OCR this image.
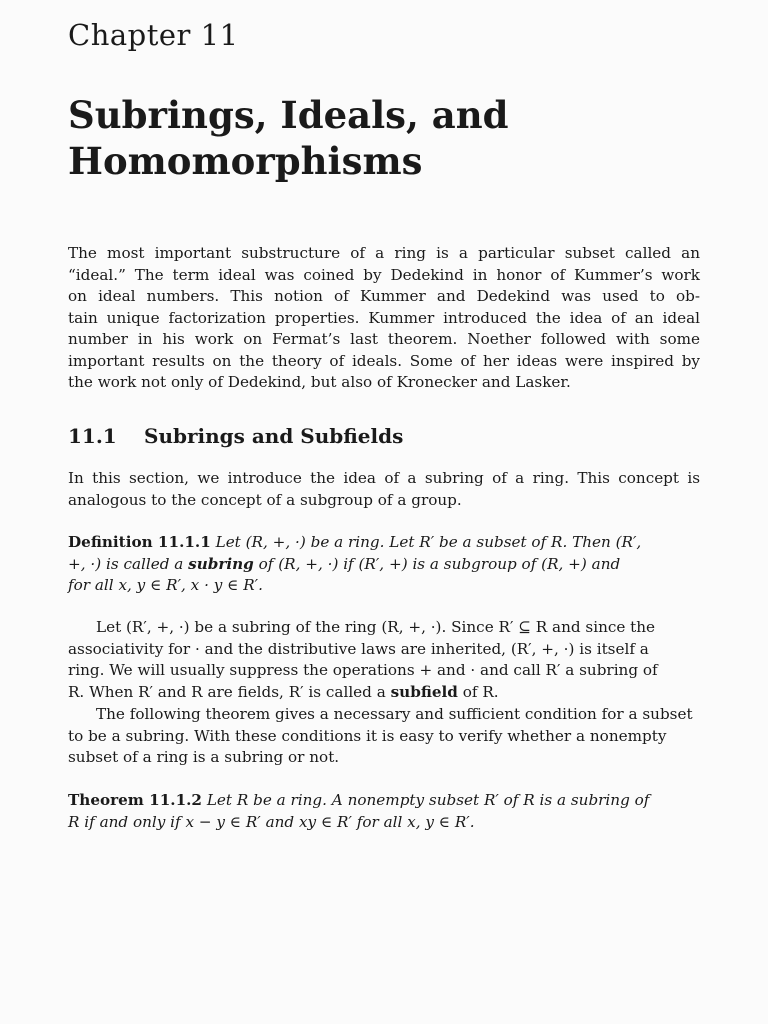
Chapter 11
Subrings, Ideals, and
Homomorphisms

The most important substructure of a ring is a particular subset called an
“ideal.” The term ideal was coined by Dedekind in honor of Kummer’s work
on ideal numbers. This notion of Kummer and Dedekind was used to ob-
tain unique factorization properties. Kummer introduced the idea of an ideal
number in his work on Fermat’s last theorem. Noether followed with some
important results on the theory of ideals. Some of her ideas were inspired by
the work not only of Dedekind, but also of Kronecker and Lasker.

11.1 Subrings and Subfields

In this section, we introduce the idea of a subring of a ring. This concept is
analogous to the concept of a subgroup of a group.

Definition 11.1.1 Let (R, +, ·) be a ring. Let R′ be a subset of R. Then (R′,
+, ·) is called a subring of (R, +, ·) if (R′, +) is a subgroup of (R, +) and
for all x, y ∈ R′, x · y ∈ R′.

Let (R′, +, ·) be a subring of the ring (R, +, ·). Since R′ ⊆ R and since the
associativity for · and the distributive laws are inherited, (R′, +, ·) is itself a
ring. We will usually suppress the operations + and · and call R′ a subring of
R. When R′ and R are fields, R′ is called a subfield of R.

The following theorem gives a necessary and sufficient condition for a subset
to be a subring. With these conditions it is easy to verify whether a nonempty
subset of a ring is a subring or not.

Theorem 11.1.2 Let R be a ring. A nonempty subset R′ of R is a subring of
R if and only if x − y ∈ R′ and xy ∈ R′ for all x, y ∈ R′.
